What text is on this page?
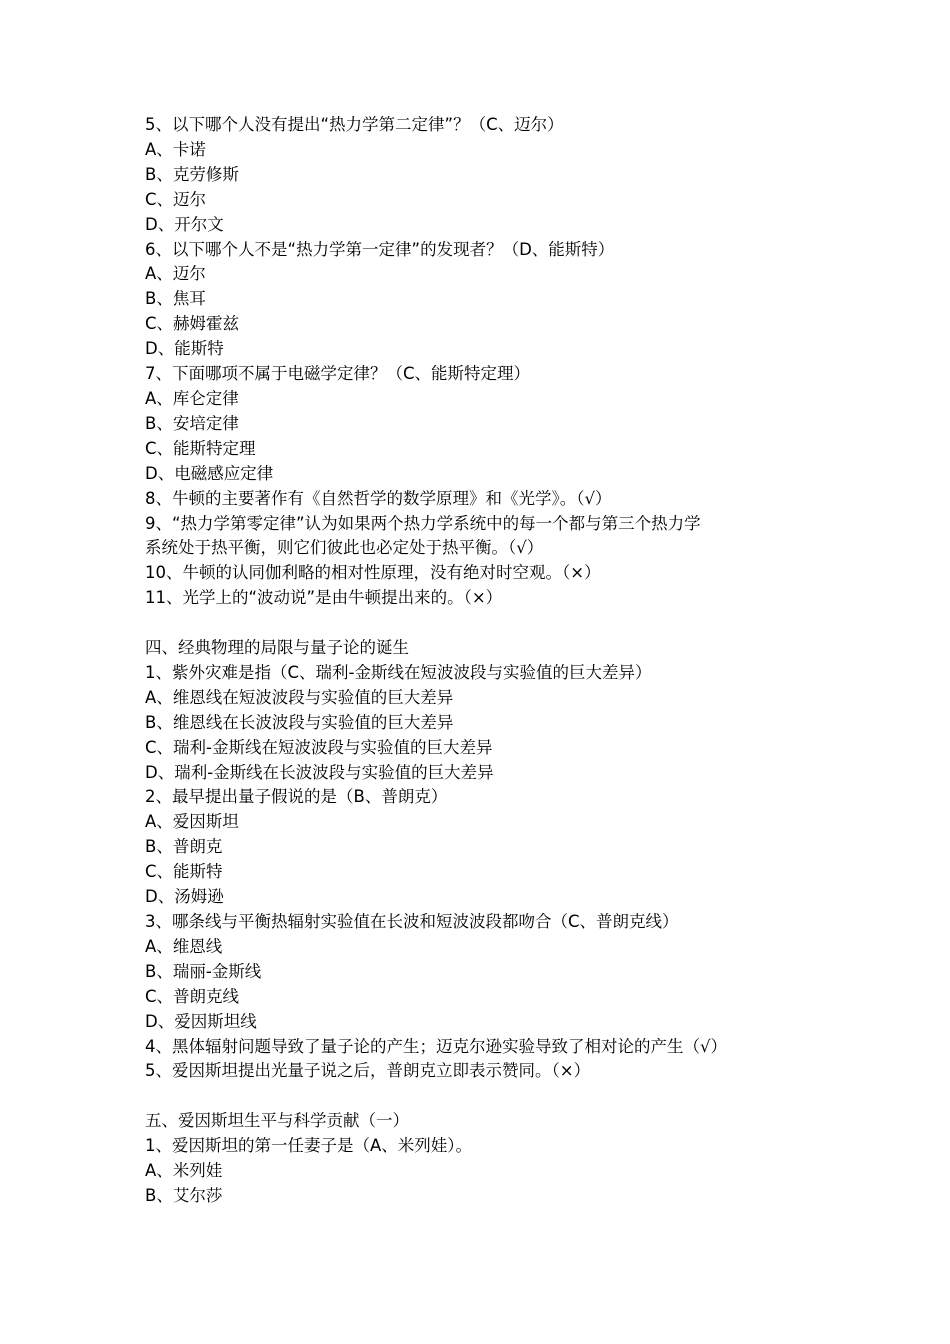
5、以下哪个人没有提出“热力学第二定律”？（C、迈尔）
A、卡诺
B、克劳修斯
C、迈尔
D、开尔文
6、以下哪个人不是“热力学第一定律”的发现者？（D、能斯特）
A、迈尔
B、焦耳
C、赫姆霍兹
D、能斯特
7、下面哪项不属于电磁学定律？（C、能斯特定理）
A、库仑定律
B、安培定律
C、能斯特定理
D、电磁感应定律
8、牛顿的主要著作有《自然哲学的数学原理》和《光学》。（√）
9、“热力学第零定律”认为如果两个热力学系统中的每一个都与第三个热力学
系统处于热平衡，则它们彼此也必定处于热平衡。（√）
10、牛顿的认同伽利略的相对性原理，没有绝对时空观。（×）
11、光学上的“波动说”是由牛顿提出来的。（×）
四、经典物理的局限与量子论的诞生
1、紫外灾难是指（C、瑞利-金斯线在短波波段与实验值的巨大差异）
A、维恩线在短波波段与实验值的巨大差异
B、维恩线在长波波段与实验值的巨大差异
C、瑞利-金斯线在短波波段与实验值的巨大差异
D、瑞利-金斯线在长波波段与实验值的巨大差异
2、最早提出量子假说的是（B、普朗克）
A、爱因斯坦
B、普朗克
C、能斯特
D、汤姆逊
3、哪条线与平衡热辐射实验值在长波和短波波段都吻合（C、普朗克线）
A、维恩线
B、瑞丽-金斯线
C、普朗克线
D、爱因斯坦线
4、黑体辐射问题导致了量子论的产生；迈克尔逊实验导致了相对论的产生（√）
5、爱因斯坦提出光量子说之后，普朗克立即表示赞同。（×）
五、爱因斯坦生平与科学贡献（一）
1、爱因斯坦的第一任妻子是（A、米列娃）。
A、米列娃
B、艾尔莎
